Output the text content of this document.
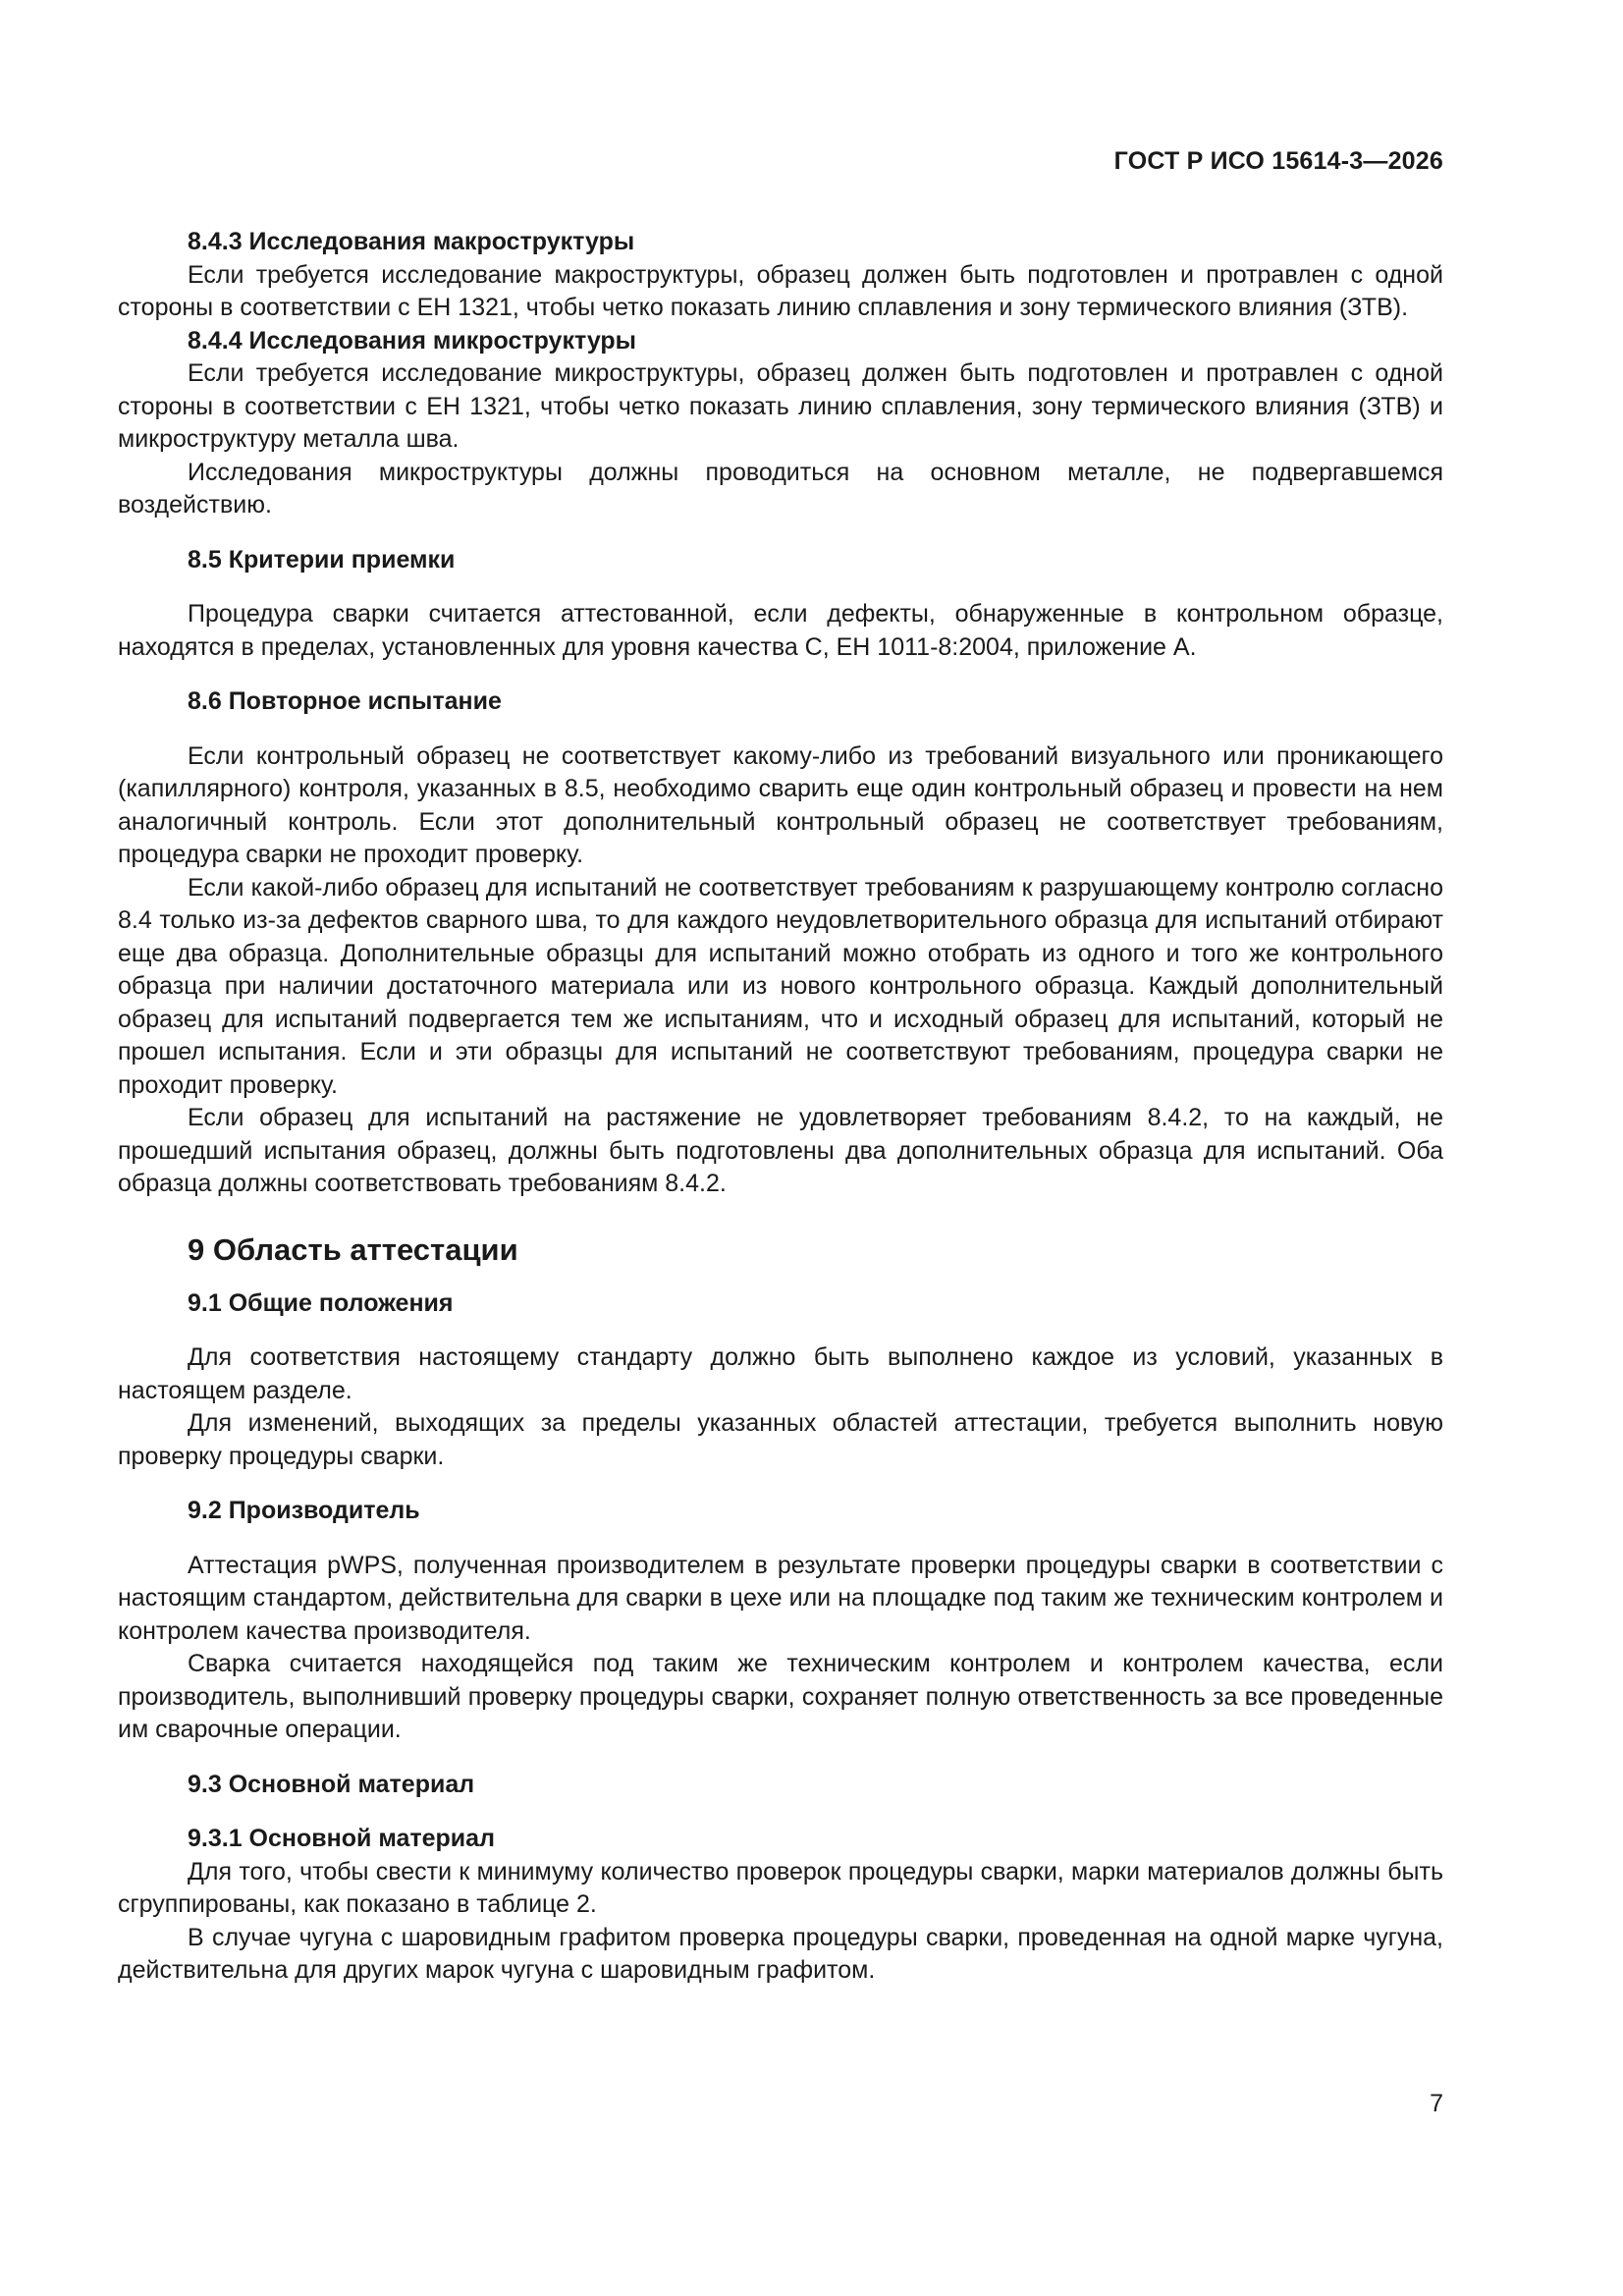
ГОСТ Р ИСО 15614-3—2026
8.4.3 Исследования макроструктуры

Если требуется исследование макроструктуры, образец должен быть подготовлен и протравлен с одной стороны в соответствии с ЕН 1321, чтобы четко показать линию сплавления и зону термического влияния (ЗТВ).

8.4.4 Исследования микроструктуры

Если требуется исследование микроструктуры, образец должен быть подготовлен и протравлен с одной стороны в соответствии с ЕН 1321, чтобы четко показать линию сплавления, зону термического влияния (ЗТВ) и микроструктуру металла шва.

Исследования микроструктуры должны проводиться на основном металле, не подвергавшемся воздействию.

8.5 Критерии приемки

Процедура сварки считается аттестованной, если дефекты, обнаруженные в контрольном образце, находятся в пределах, установленных для уровня качества С, ЕН 1011-8:2004, приложение А.

8.6 Повторное испытание

Если контрольный образец не соответствует какому-либо из требований визуального или проникающего (капиллярного) контроля, указанных в 8.5, необходимо сварить еще один контрольный образец и провести на нем аналогичный контроль. Если этот дополнительный контрольный образец не соответствует требованиям, процедура сварки не проходит проверку.

Если какой-либо образец для испытаний не соответствует требованиям к разрушающему контролю согласно 8.4 только из-за дефектов сварного шва, то для каждого неудовлетворительного образца для испытаний отбирают еще два образца. Дополнительные образцы для испытаний можно отобрать из одного и того же контрольного образца при наличии достаточного материала или из нового контрольного образца. Каждый дополнительный образец для испытаний подвергается тем же испытаниям, что и исходный образец для испытаний, который не прошел испытания. Если и эти образцы для испытаний не соответствуют требованиям, процедура сварки не проходит проверку.

Если образец для испытаний на растяжение не удовлетворяет требованиям 8.4.2, то на каждый, не прошедший испытания образец, должны быть подготовлены два дополнительных образца для испытаний. Оба образца должны соответствовать требованиям 8.4.2.

9 Область аттестации
9.1 Общие положения

Для соответствия настоящему стандарту должно быть выполнено каждое из условий, указанных в настоящем разделе.

Для изменений, выходящих за пределы указанных областей аттестации, требуется выполнить новую проверку процедуры сварки.

9.2 Производитель

Аттестация pWPS, полученная производителем в результате проверки процедуры сварки в соответствии с настоящим стандартом, действительна для сварки в цехе или на площадке под таким же техническим контролем и контролем качества производителя.

Сварка считается находящейся под таким же техническим контролем и контролем качества, если производитель, выполнивший проверку процедуры сварки, сохраняет полную ответственность за все проведенные им сварочные операции.

9.3 Основной материал
9.3.1 Основной материал

Для того, чтобы свести к минимуму количество проверок процедуры сварки, марки материалов должны быть сгруппированы, как показано в таблице 2.

В случае чугуна с шаровидным графитом проверка процедуры сварки, проведенная на одной марке чугуна, действительна для других марок чугуна с шаровидным графитом.

7
